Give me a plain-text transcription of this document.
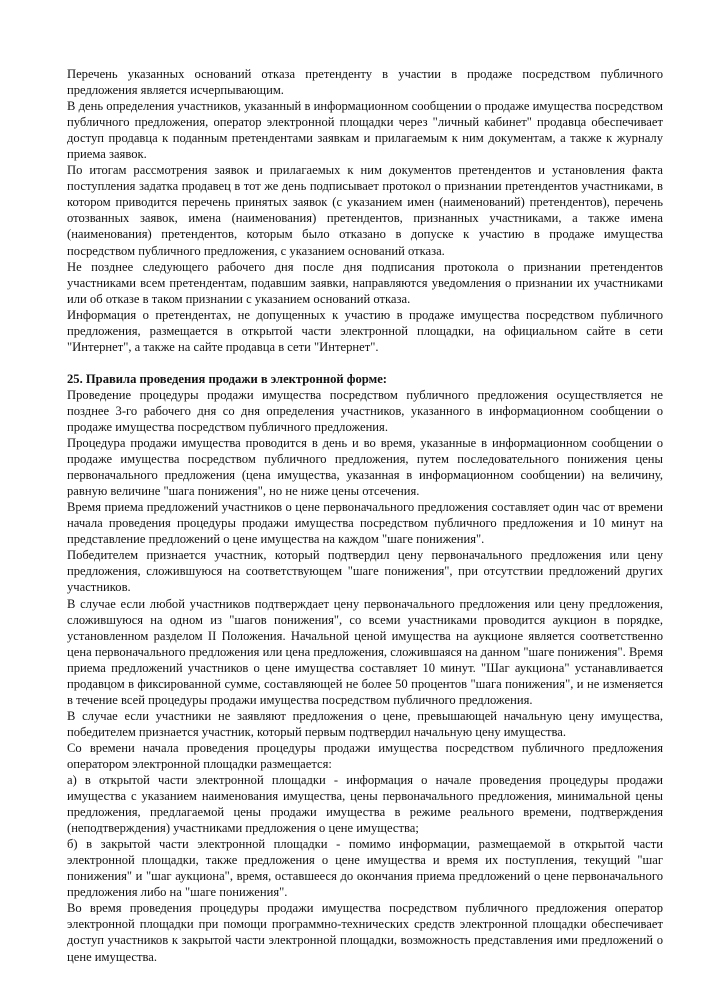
Перечень указанных оснований отказа претенденту в участии в продаже посредством публичного предложения является исчерпывающим.

В день определения участников, указанный в информационном сообщении о продаже имущества посредством публичного предложения, оператор электронной площадки через "личный кабинет" продавца обеспечивает доступ продавца к поданным претендентами заявкам и прилагаемым к ним документам, а также к журналу приема заявок.

По итогам рассмотрения заявок и прилагаемых к ним документов претендентов и установления факта поступления задатка продавец в тот же день подписывает протокол о признании претендентов участниками, в котором приводится перечень принятых заявок (с указанием имен (наименований) претендентов), перечень отозванных заявок, имена (наименования) претендентов, признанных участниками, а также имена (наименования) претендентов, которым было отказано в допуске к участию в продаже имущества посредством публичного предложения, с указанием оснований отказа.

Не позднее следующего рабочего дня после дня подписания протокола о признании претендентов участниками всем претендентам, подавшим заявки, направляются уведомления о признании их участниками или об отказе в таком признании с указанием оснований отказа.

Информация о претендентах, не допущенных к участию в продаже имущества посредством публичного предложения, размещается в открытой части электронной площадки, на официальном сайте в сети "Интернет", а также на сайте продавца в сети "Интернет".

25. Правила проведения продажи в электронной форме:

Проведение процедуры продажи имущества посредством публичного предложения осуществляется не позднее 3-го рабочего дня со дня определения участников, указанного в информационном сообщении о продаже имущества посредством публичного предложения.

Процедура продажи имущества проводится в день и во время, указанные в информационном сообщении о продаже имущества посредством публичного предложения, путем последовательного понижения цены первоначального предложения (цена имущества, указанная в информационном сообщении) на величину, равную величине "шага понижения", но не ниже цены отсечения.

Время приема предложений участников о цене первоначального предложения составляет один час от времени начала проведения процедуры продажи имущества посредством публичного предложения и 10 минут на представление предложений о цене имущества на каждом "шаге понижения".

Победителем признается участник, который подтвердил цену первоначального предложения или цену предложения, сложившуюся на соответствующем "шаге понижения", при отсутствии предложений других участников.

В случае если любой участников подтверждает цену первоначального предложения или цену предложения, сложившуюся на одном из "шагов понижения", со всеми участниками проводится аукцион в порядке, установленном разделом II Положения. Начальной ценой имущества на аукционе является соответственно цена первоначального предложения или цена предложения, сложившаяся на данном "шаге понижения". Время приема предложений участников о цене имущества составляет 10 минут. "Шаг аукциона" устанавливается продавцом в фиксированной сумме, составляющей не более 50 процентов "шага понижения", и не изменяется в течение всей процедуры продажи имущества посредством публичного предложения.

В случае если участники не заявляют предложения о цене, превышающей начальную цену имущества, победителем признается участник, который первым подтвердил начальную цену имущества.

Со времени начала проведения процедуры продажи имущества посредством публичного предложения оператором электронной площадки размещается:

а) в открытой части электронной площадки - информация о начале проведения процедуры продажи имущества с указанием наименования имущества, цены первоначального предложения, минимальной цены предложения, предлагаемой цены продажи имущества в режиме реального времени, подтверждения (неподтверждения) участниками предложения о цене имущества;

б) в закрытой части электронной площадки - помимо информации, размещаемой в открытой части электронной площадки, также предложения о цене имущества и время их поступления, текущий "шаг понижения" и "шаг аукциона", время, оставшееся до окончания приема предложений о цене первоначального предложения либо на "шаге понижения".

Во время проведения процедуры продажи имущества посредством публичного предложения оператор электронной площадки при помощи программно-технических средств электронной площадки обеспечивает доступ участников к закрытой части электронной площадки, возможность представления ими предложений о цене имущества.
